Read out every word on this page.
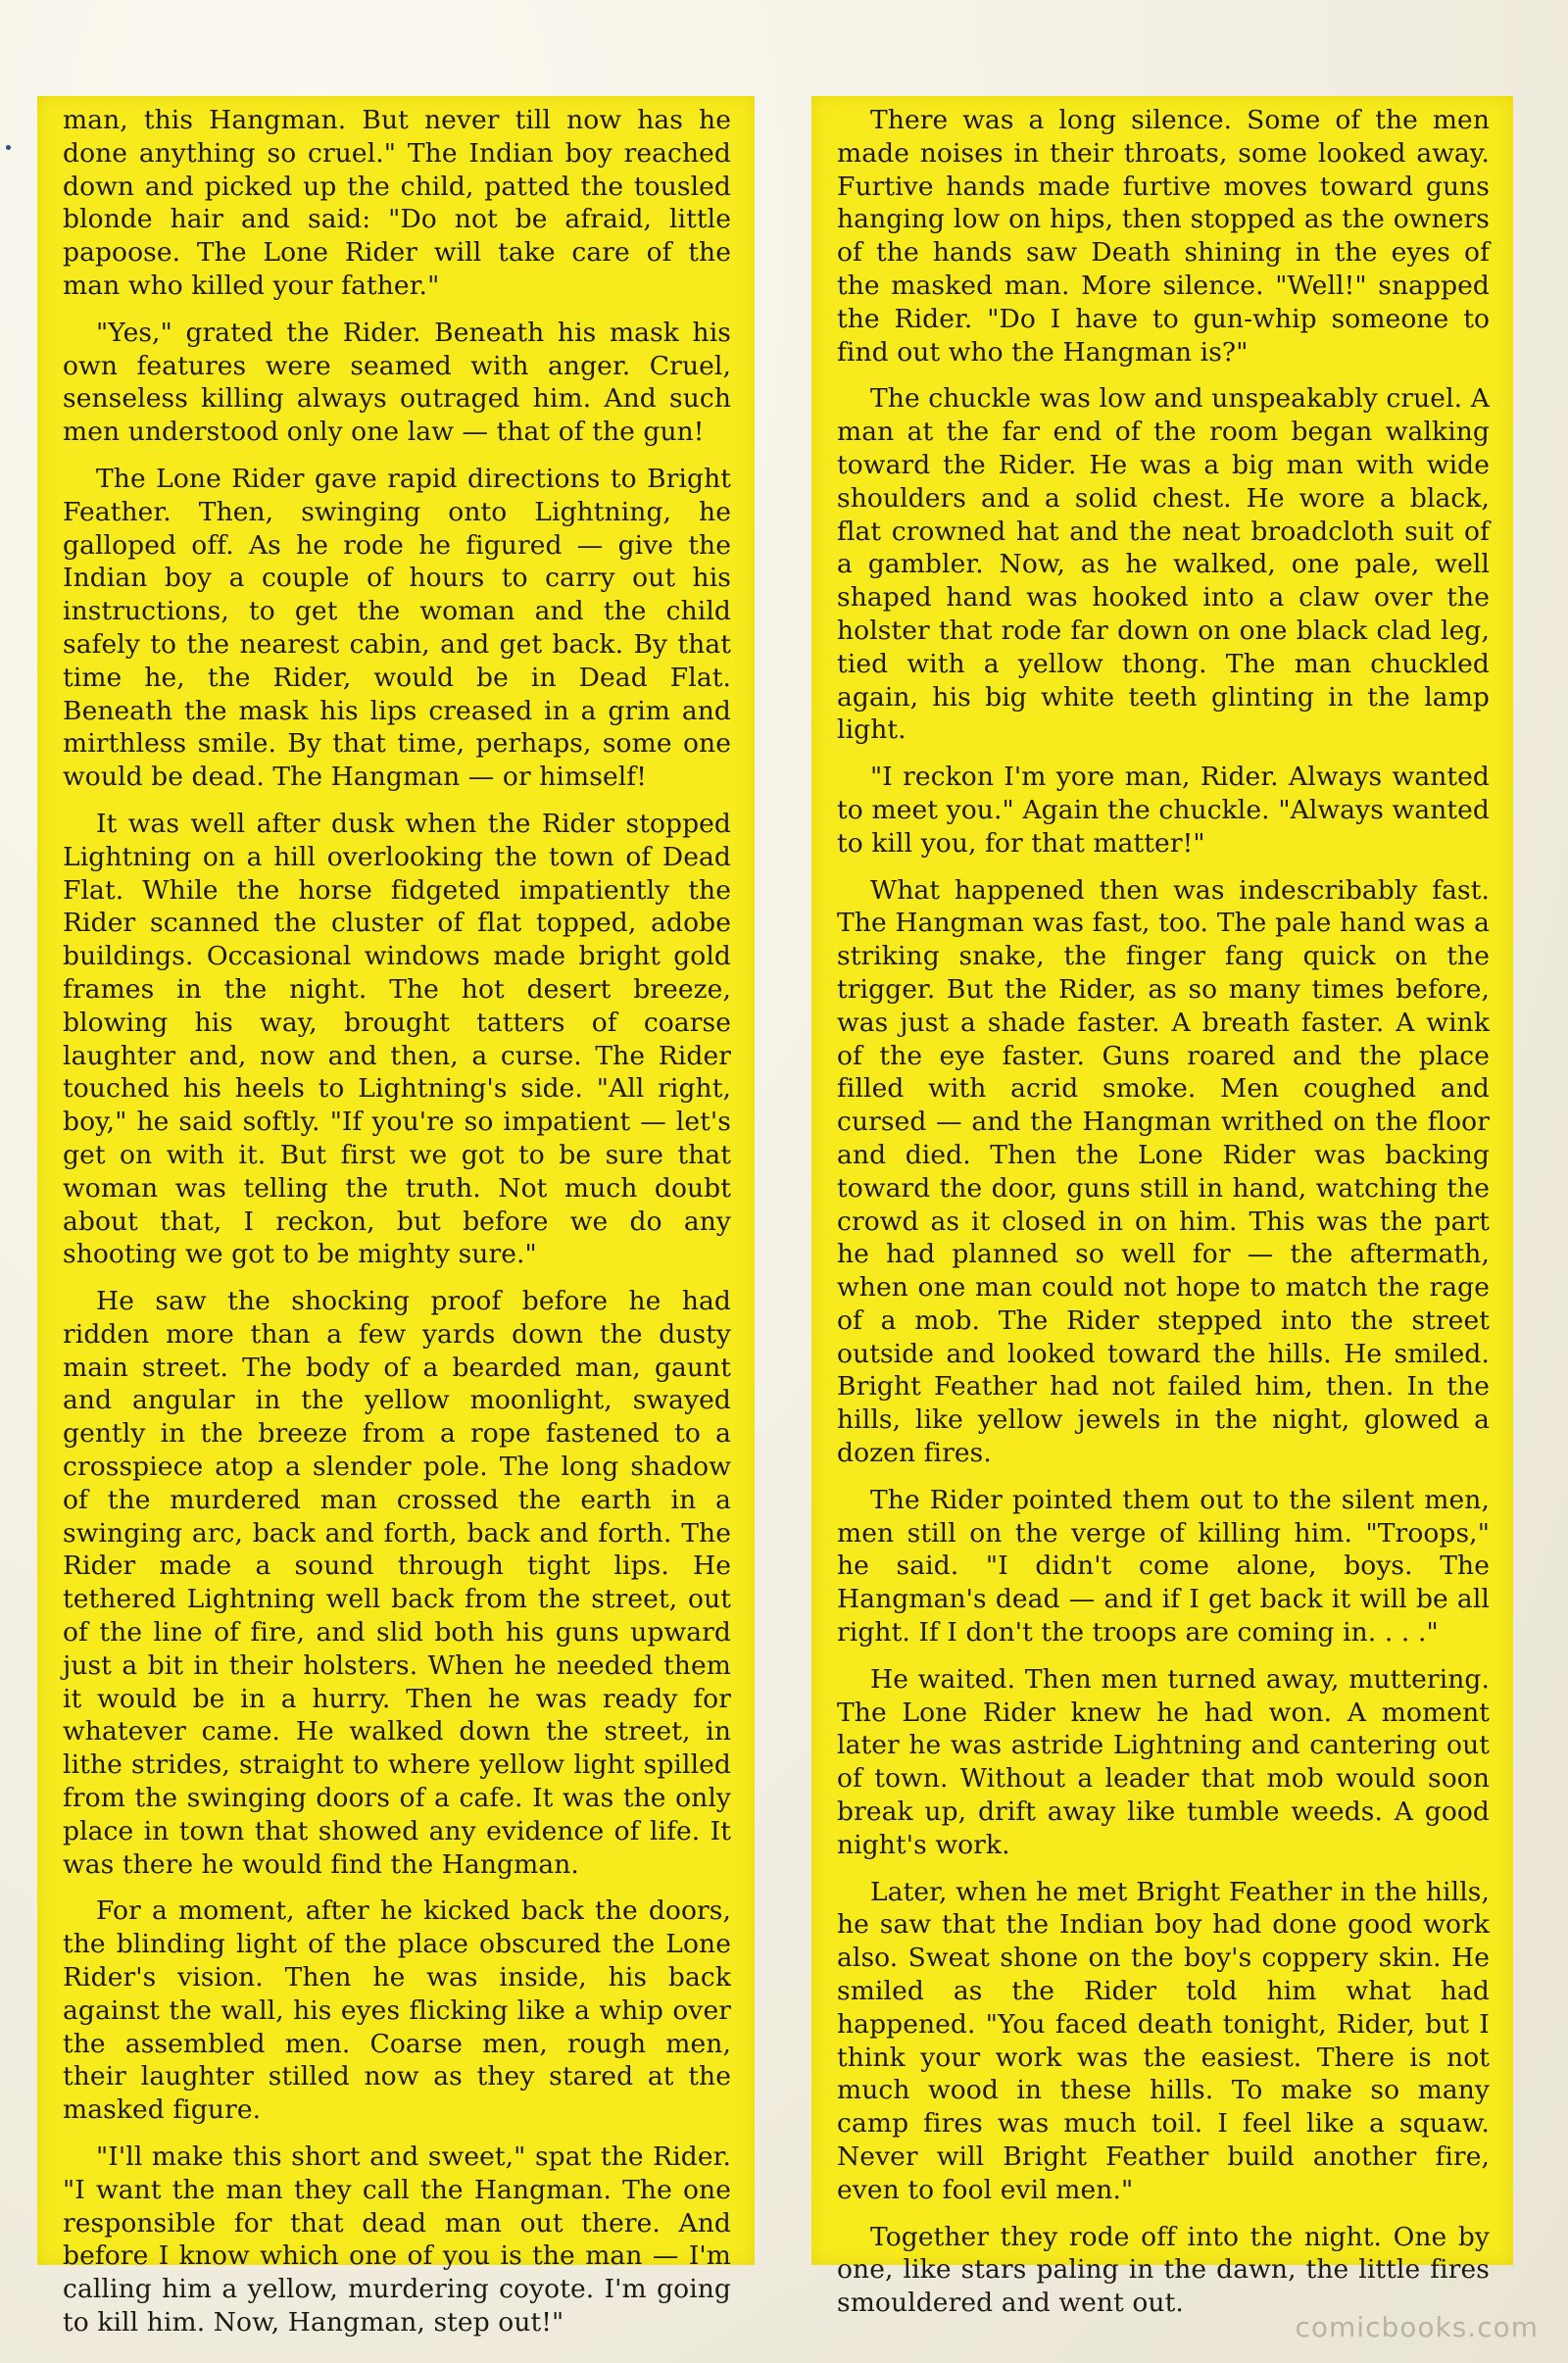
man, this Hangman. But never till now has he done anything so cruel." The Indian boy reached down and picked up the child, patted the tousled blonde hair and said: "Do not be afraid, little papoose. The Lone Rider will take care of the man who killed your father."

"Yes," grated the Rider. Beneath his mask his own features were seamed with anger. Cruel, senseless killing always outraged him. And such men understood only one law — that of the gun!

The Lone Rider gave rapid directions to Bright Feather. Then, swinging onto Lightning, he galloped off. As he rode he figured — give the Indian boy a couple of hours to carry out his instructions, to get the woman and the child safely to the nearest cabin, and get back. By that time he, the Rider, would be in Dead Flat. Beneath the mask his lips creased in a grim and mirthless smile. By that time, perhaps, some one would be dead. The Hangman — or himself!

It was well after dusk when the Rider stopped Lightning on a hill overlooking the town of Dead Flat. While the horse fidgeted impatiently the Rider scanned the cluster of flat topped, adobe buildings. Occasional windows made bright gold frames in the night. The hot desert breeze, blowing his way, brought tatters of coarse laughter and, now and then, a curse. The Rider touched his heels to Lightning's side. "All right, boy," he said softly. "If you're so impatient — let's get on with it. But first we got to be sure that woman was telling the truth. Not much doubt about that, I reckon, but before we do any shooting we got to be mighty sure."

He saw the shocking proof before he had ridden more than a few yards down the dusty main street. The body of a bearded man, gaunt and angular in the yellow moonlight, swayed gently in the breeze from a rope fastened to a crosspiece atop a slender pole. The long shadow of the murdered man crossed the earth in a swinging arc, back and forth, back and forth. The Rider made a sound through tight lips. He tethered Lightning well back from the street, out of the line of fire, and slid both his guns upward just a bit in their holsters. When he needed them it would be in a hurry. Then he was ready for whatever came. He walked down the street, in lithe strides, straight to where yellow light spilled from the swinging doors of a cafe. It was the only place in town that showed any evidence of life. It was there he would find the Hangman.

For a moment, after he kicked back the doors, the blinding light of the place obscured the Lone Rider's vision. Then he was inside, his back against the wall, his eyes flicking like a whip over the assembled men. Coarse men, rough men, their laughter stilled now as they stared at the masked figure.

"I'll make this short and sweet," spat the Rider. "I want the man they call the Hangman. The one responsible for that dead man out there. And before I know which one of you is the man — I'm calling him a yellow, murdering coyote. I'm going to kill him. Now, Hangman, step out!"

There was a long silence. Some of the men made noises in their throats, some looked away. Furtive hands made furtive moves toward guns hanging low on hips, then stopped as the owners of the hands saw Death shining in the eyes of the masked man. More silence. "Well!" snapped the Rider. "Do I have to gun-whip someone to find out who the Hangman is?"

The chuckle was low and unspeakably cruel. A man at the far end of the room began walking toward the Rider. He was a big man with wide shoulders and a solid chest. He wore a black, flat crowned hat and the neat broadcloth suit of a gambler. Now, as he walked, one pale, well shaped hand was hooked into a claw over the holster that rode far down on one black clad leg, tied with a yellow thong. The man chuckled again, his big white teeth glinting in the lamp light.

"I reckon I'm yore man, Rider. Always wanted to meet you." Again the chuckle. "Always wanted to kill you, for that matter!"

What happened then was indescribably fast. The Hangman was fast, too. The pale hand was a striking snake, the finger fang quick on the trigger. But the Rider, as so many times before, was just a shade faster. A breath faster. A wink of the eye faster. Guns roared and the place filled with acrid smoke. Men coughed and cursed — and the Hangman writhed on the floor and died. Then the Lone Rider was backing toward the door, guns still in hand, watching the crowd as it closed in on him. This was the part he had planned so well for — the aftermath, when one man could not hope to match the rage of a mob. The Rider stepped into the street outside and looked toward the hills. He smiled. Bright Feather had not failed him, then. In the hills, like yellow jewels in the night, glowed a dozen fires.

The Rider pointed them out to the silent men, men still on the verge of killing him. "Troops," he said. "I didn't come alone, boys. The Hangman's dead — and if I get back it will be all right. If I don't the troops are coming in. . . ."

He waited. Then men turned away, muttering. The Lone Rider knew he had won. A moment later he was astride Lightning and cantering out of town. Without a leader that mob would soon break up, drift away like tumble weeds. A good night's work.

Later, when he met Bright Feather in the hills, he saw that the Indian boy had done good work also. Sweat shone on the boy's coppery skin. He smiled as the Rider told him what had happened. "You faced death tonight, Rider, but I think your work was the easiest. There is not much wood in these hills. To make so many camp fires was much toil. I feel like a squaw. Never will Bright Feather build another fire, even to fool evil men."

Together they rode off into the night. One by one, like stars paling in the dawn, the little fires smouldered and went out.

comicbooks.com
